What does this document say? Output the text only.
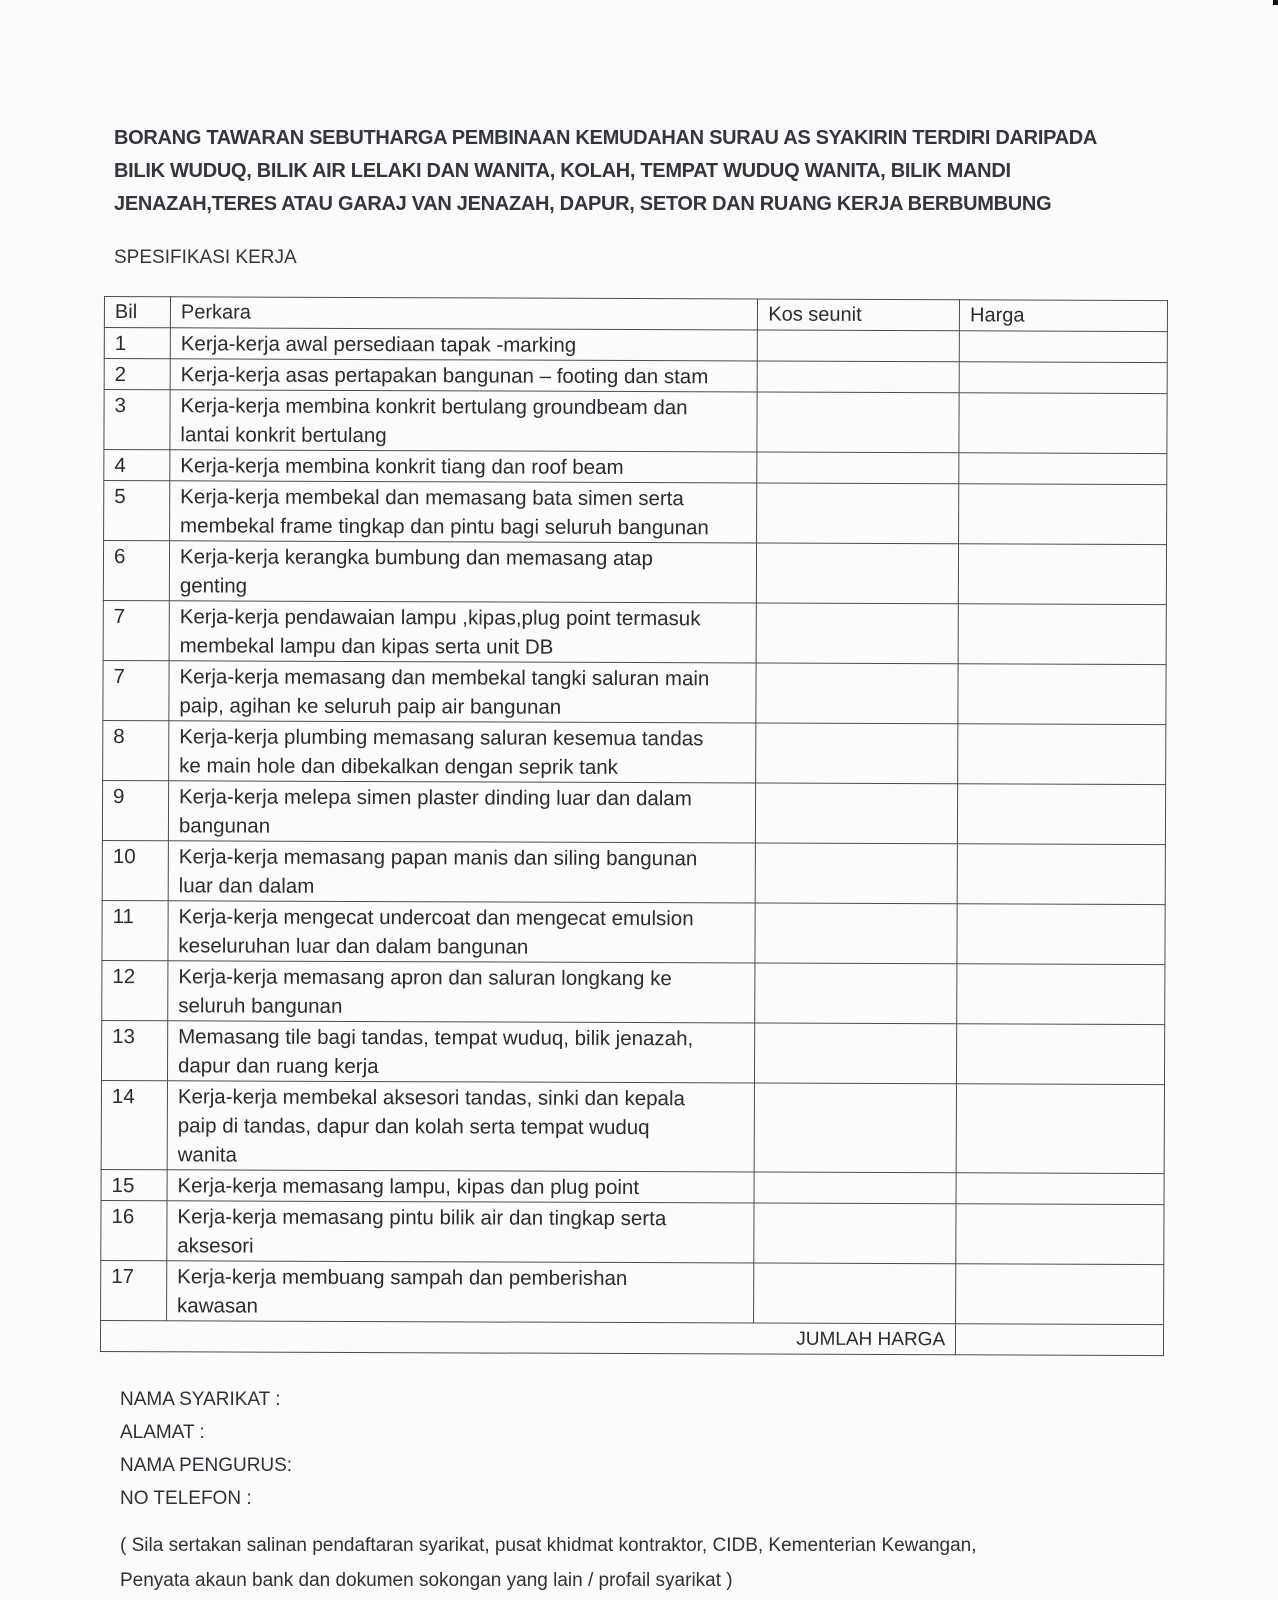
BORANG TAWARAN SEBUTHARGA PEMBINAAN KEMUDAHAN SURAU AS SYAKIRIN TERDIRI DARIPADA
BILIK WUDUQ, BILIK AIR LELAKI DAN WANITA, KOLAH, TEMPAT WUDUQ WANITA, BILIK MANDI
JENAZAH,TERES ATAU GARAJ VAN JENAZAH, DAPUR, SETOR DAN RUANG KERJA BERBUMBUNG
SPESIFIKASI KERJA
Bil	Perkara	Kos seunit	Harga
1	Kerja-kerja awal persediaan tapak -marking		

2	Kerja-kerja asas pertapakan bangunan – footing dan stam		

3	Kerja-kerja membina konkrit bertulang groundbeam dan
lantai konkrit bertulang		

4	Kerja-kerja membina konkrit tiang dan roof beam		

5	Kerja-kerja membekal dan memasang bata simen serta
membekal frame tingkap dan pintu bagi seluruh bangunan		

6	Kerja-kerja kerangka bumbung dan memasang atap
genting		

7	Kerja-kerja pendawaian lampu ,kipas,plug point termasuk
membekal lampu dan kipas serta unit DB		

7	Kerja-kerja memasang dan membekal tangki saluran main
paip, agihan ke seluruh paip air bangunan		

8	Kerja-kerja plumbing memasang saluran kesemua tandas
ke main hole dan dibekalkan dengan seprik tank		

9	Kerja-kerja melepa simen plaster dinding luar dan dalam
bangunan		

10	Kerja-kerja memasang papan manis dan siling bangunan
luar dan dalam		

11	Kerja-kerja mengecat undercoat dan mengecat emulsion
keseluruhan luar dan dalam bangunan		

12	Kerja-kerja memasang apron dan saluran longkang ke
seluruh bangunan		

13	Memasang tile bagi tandas, tempat wuduq, bilik jenazah,
dapur dan ruang kerja		

14	Kerja-kerja membekal aksesori tandas, sinki dan kepala
paip di tandas, dapur dan kolah serta tempat wuduq
wanita		

15	Kerja-kerja memasang lampu, kipas dan plug point		

16	Kerja-kerja memasang pintu bilik air dan tingkap serta
aksesori		

17	Kerja-kerja membuang sampah dan pemberishan
kawasan		

JUMLAH HARGA			
NAMA SYARIKAT :
ALAMAT :
NAMA PENGURUS:
NO TELEFON :
( Sila sertakan salinan pendaftaran syarikat, pusat khidmat kontraktor, CIDB, Kementerian Kewangan,
Penyata akaun bank dan dokumen sokongan yang lain / profail syarikat )
